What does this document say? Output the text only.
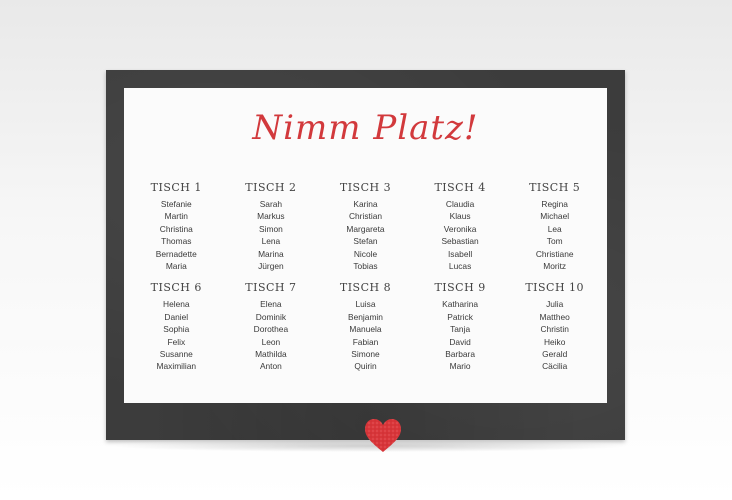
Nimm Platz!
TISCH 1
Stefanie
Martin
Christina
Thomas
Bernadette
Maria
TISCH 2
Sarah
Markus
Simon
Lena
Marina
Jürgen
TISCH 3
Karina
Christian
Margareta
Stefan
Nicole
Tobias
TISCH 4
Claudia
Klaus
Veronika
Sebastian
Isabell
Lucas
TISCH 5
Regina
Michael
Lea
Tom
Christiane
Moritz
TISCH 6
Helena
Daniel
Sophia
Felix
Susanne
Maximilian
TISCH 7
Elena
Dominik
Dorothea
Leon
Mathilda
Anton
TISCH 8
Luisa
Benjamin
Manuela
Fabian
Simone
Quirin
TISCH 9
Katharina
Patrick
Tanja
David
Barbara
Mario
TISCH 10
Julia
Mattheo
Christin
Heiko
Gerald
Cäcilia
